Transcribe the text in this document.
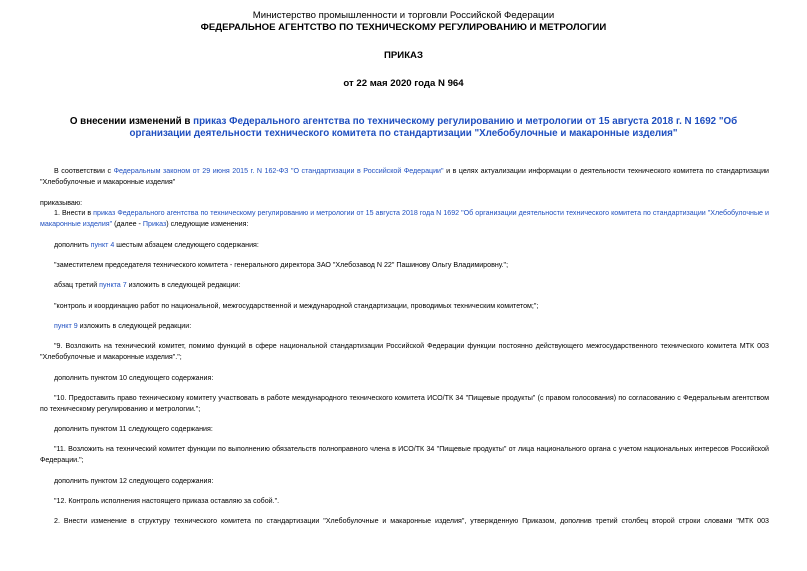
Министерство промышленности и торговли Российской Федерации
ФЕДЕРАЛЬНОЕ АГЕНТСТВО ПО ТЕХНИЧЕСКОМУ РЕГУЛИРОВАНИЮ И МЕТРОЛОГИИ
ПРИКАЗ
от 22 мая 2020 года N 964
О внесении изменений в приказ Федерального агентства по техническому регулированию и метрологии от 15 августа 2018 г. N 1692 "Об организации деятельности технического комитета по стандартизации "Хлебобулочные и макаронные изделия"
В соответствии с Федеральным законом от 29 июня 2015 г. N 162-ФЗ "О стандартизации в Российской Федерации" и в целях актуализации информации о деятельности технического комитета по стандартизации "Хлебобулочные и макаронные изделия"
приказываю:
1. Внести в приказ Федерального агентства по техническому регулированию и метрологии от 15 августа 2018 года N 1692 "Об организации деятельности технического комитета по стандартизации "Хлебобулочные и макаронные изделия" (далее - Приказ) следующие изменения:
дополнить пункт 4 шестым абзацем следующего содержания:
"заместителем председателя технического комитета - генерального директора ЗАО "Хлебозавод N 22" Пашинову Ольгу Владимировну.";
абзац третий пункта 7 изложить в следующей редакции:
"контроль и координацию работ по национальной, межгосударственной и международной стандартизации, проводимых техническим комитетом;";
пункт 9 изложить в следующей редакции:
"9. Возложить на технический комитет, помимо функций в сфере национальной стандартизации Российской Федерации функции постоянно действующего межгосударственного технического комитета МТК 003 "Хлебобулочные и макаронные изделия".";
дополнить пунктом 10 следующего содержания:
"10. Предоставить право техническому комитету участвовать в работе международного технического комитета ИСО/ТК 34 "Пищевые продукты" (с правом голосования) по согласованию с Федеральным агентством по техническому регулированию и метрологии.";
дополнить пунктом 11 следующего содержания:
"11. Возложить на технический комитет функции по выполнению обязательств полноправного члена в ИСО/ТК 34 "Пищевые продукты" от лица национального органа с учетом национальных интересов Российской Федерации.";
дополнить пунктом 12 следующего содержания:
"12. Контроль исполнения настоящего приказа оставляю за собой.".
2. Внести изменение в структуру технического комитета по стандартизации "Хлебобулочные и макаронные изделия", утвержденную Приказом, дополнив третий столбец второй строки словами "МТК 003
